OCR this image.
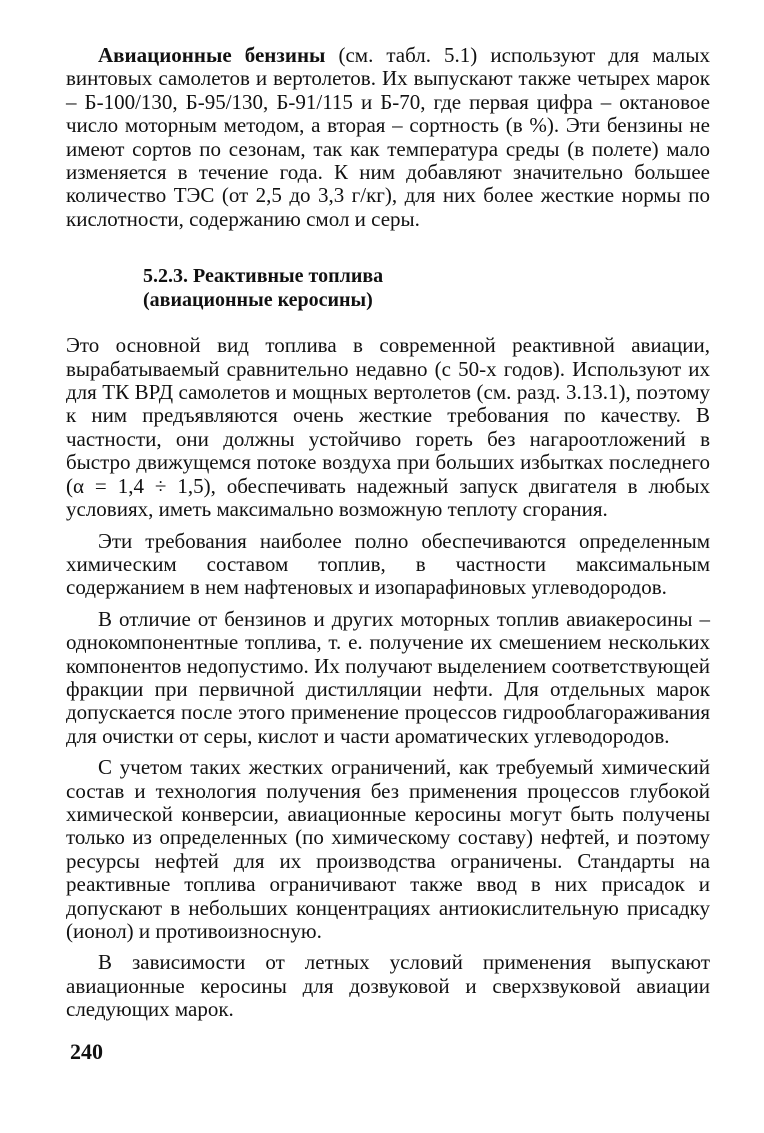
Авиационные бензины (см. табл. 5.1) используют для малых винтовых самолетов и вертолетов. Их выпускают также четырех марок – Б-100/130, Б-95/130, Б-91/115 и Б-70, где первая цифра – октановое число моторным методом, а вторая – сортность (в %). Эти бензины не имеют сортов по сезонам, так как температура среды (в полете) мало изменяется в течение года. К ним добавляют значительно большее количество ТЭС (от 2,5 до 3,3 г/кг), для них более жесткие нормы по кислотности, содержанию смол и серы.

5.2.3. Реактивные топлива
(авиационные керосины)

Это основной вид топлива в современной реактивной авиации, вырабатываемый сравнительно недавно (с 50-х годов). Используют их для ТК ВРД самолетов и мощных вертолетов (см. разд. 3.13.1), поэтому к ним предъявляются очень жесткие требования по качеству. В частности, они должны устойчиво гореть без нагароотложений в быстро движущемся потоке воздуха при больших избытках последнего (α = 1,4 ÷ 1,5), обеспечивать надежный запуск двигателя в любых условиях, иметь максимально возможную теплоту сгорания.

Эти требования наиболее полно обеспечиваются определенным химическим составом топлив, в частности максимальным содержанием в нем нафтеновых и изопарафиновых углеводородов.

В отличие от бензинов и других моторных топлив авиакеросины – однокомпонентные топлива, т. е. получение их смешением нескольких компонентов недопустимо. Их получают выделением соответствующей фракции при первичной дистилляции нефти. Для отдельных марок допускается после этого применение процессов гидрооблагораживания для очистки от серы, кислот и части ароматических углеводородов.

С учетом таких жестких ограничений, как требуемый химический состав и технология получения без применения процессов глубокой химической конверсии, авиационные керосины могут быть получены только из определенных (по химическому составу) нефтей, и поэтому ресурсы нефтей для их производства ограничены. Стандарты на реактивные топлива ограничивают также ввод в них присадок и допускают в небольших концентрациях антиокислительную присадку (ионол) и противоизносную.

В зависимости от летных условий применения выпускают авиационные керосины для дозвуковой и сверхзвуковой авиации следующих марок.

240
